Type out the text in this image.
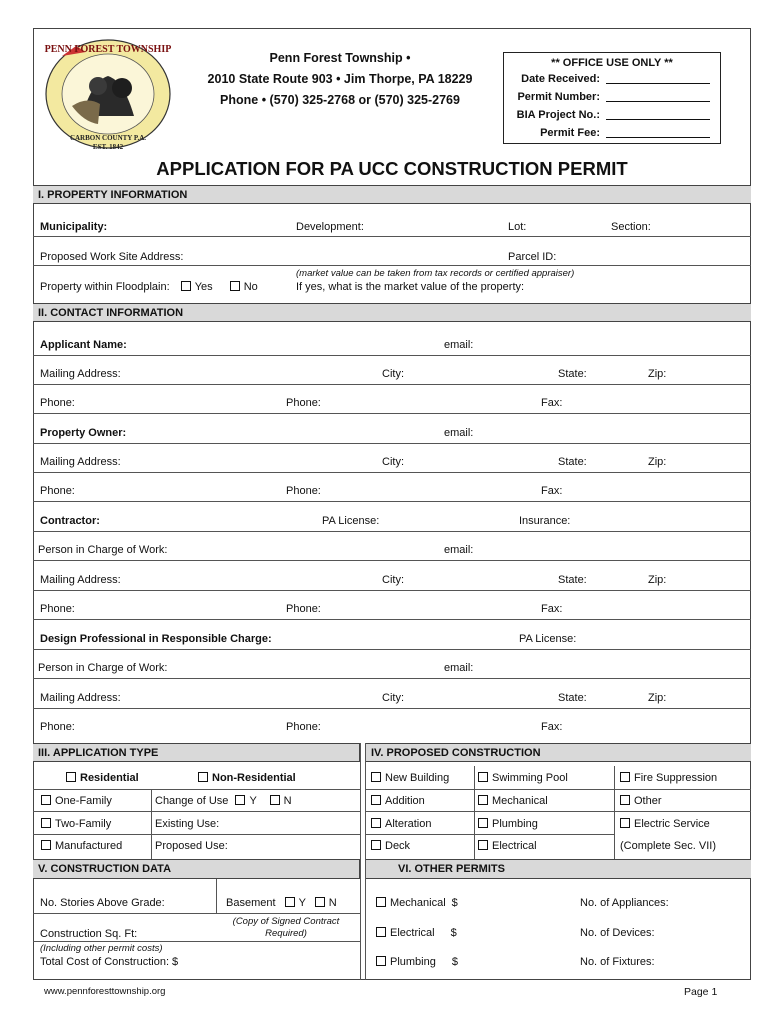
PENN FOREST TOWNSHIP
CARBON COUNTY P.A.
EST. 1842
Penn Forest Township •
2010 State Route 903 • Jim Thorpe, PA 18229
Phone • (570) 325-2768 or (570) 325-2769
** OFFICE USE ONLY **
Date Received:
Permit Number:
BIA Project No.:
Permit Fee:
APPLICATION FOR PA UCC CONSTRUCTION PERMIT
I. PROPERTY INFORMATION
Municipality:	Development:	Lot:	Section:
Proposed Work Site Address:	Parcel ID:
(market value can be taken from tax records or certified appraiser)
Property within Floodplain: Yes	No	If yes, what is the market value of the property:
II. CONTACT INFORMATION
Applicant Name:	email:
Mailing Address:	City:	State:	Zip:
Phone:	Phone:	Fax:
Property Owner:	email:
Mailing Address:	City:	State:	Zip:
Phone:	Phone:	Fax:
Contractor:	PA License:	Insurance:
Person in Charge of Work:	email:
Mailing Address:	City:	State:	Zip:
Phone:	Phone:	Fax:
Design Professional in Responsible Charge:	PA License:
Person in Charge of Work:	email:
Mailing Address:	City:	State:	Zip:
Phone:	Phone:	Fax:
III. APPLICATION TYPE	IV. PROPOSED CONSTRUCTION
Residential	Non-Residential
One-Family	Change of Use Y N
Two-Family	Existing Use:
Manufactured	Proposed Use:
New Building	Swimming Pool	Fire Suppression
Addition	Mechanical	Other
Alteration	Plumbing	Electric Service
Deck	Electrical	(Complete Sec. VII)
V. CONSTRUCTION DATA	VI. OTHER PERMITS
No. Stories Above Grade:	Basement Y N
(Copy of Signed Contract
Required)
Construction Sq. Ft:
(Including other permit costs)
Total Cost of Construction: $
Mechanical $	No. of Appliances:
Electrical $	No. of Devices:
Plumbing $	No. of Fixtures:
www.pennforesttownship.org	Page 1
